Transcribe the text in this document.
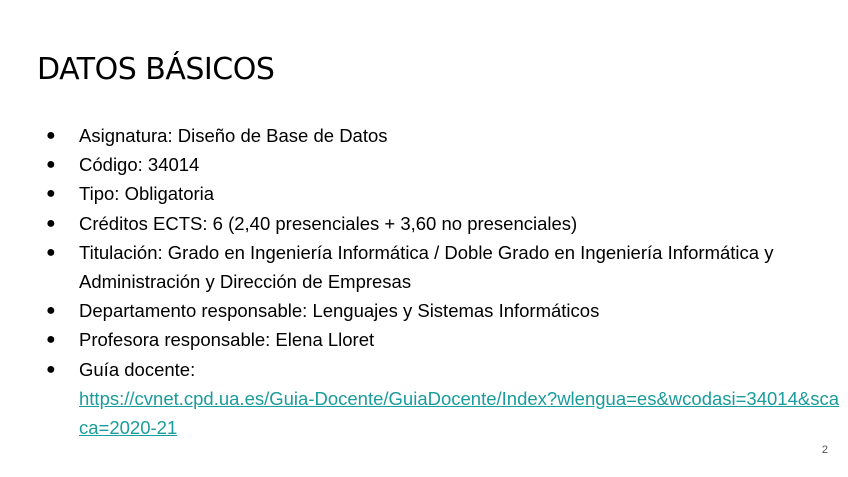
DATOS BÁSICOS
● Asignatura: Diseño de Base de Datos
● Código: 34014
● Tipo: Obligatoria
● Créditos ECTS: 6 (2,40 presenciales + 3,60 no presenciales)
● Titulación: Grado en Ingeniería Informática / Doble Grado en Ingeniería Informática y Administración y Dirección de Empresas
● Departamento responsable: Lenguajes y Sistemas Informáticos
● Profesora responsable: Elena Lloret
● Guía docente:
https://cvnet.cpd.ua.es/Guia-Docente/GuiaDocente/Index?wlengua=es&wcodasi=34014&scaca=2020-21
2
